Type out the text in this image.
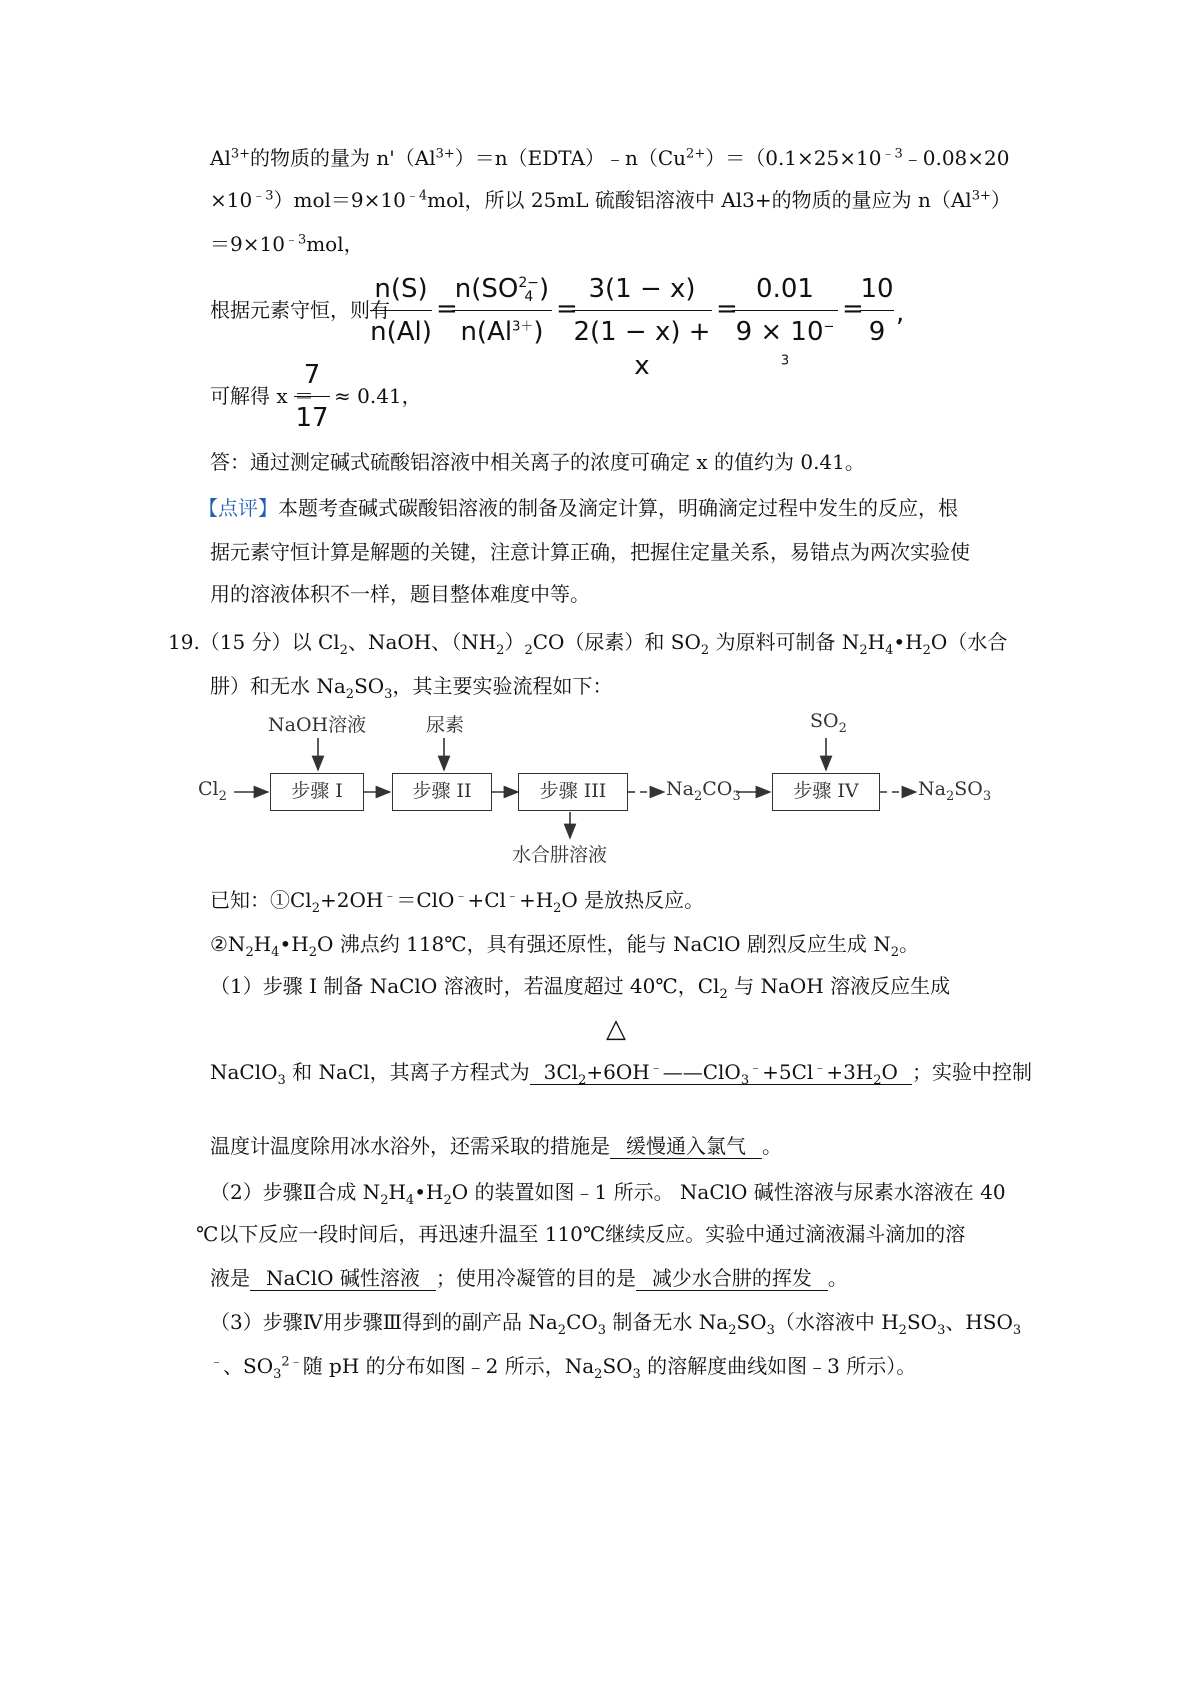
$Al^{3+}$的物质的量为 $n'(Al^{3+})=n(EDTA)﹣n(Cu^{2+})=(0.1\times 25\times 10^{﹣3}﹣0.08\times 20$
$\times 10^{﹣3})mol=9\times 10^{﹣4}mol$，所以 25mL 硫酸铝溶液中 Al3+的物质的量应为 $n(Al^{3+})$
$=9\times 10^{﹣3}mol$，
根据元素守恒，则有
n(S)
n(Al)
=
n(SO 2−
4 )
$n(Al^{3+})$
=
3(1 − x)
2(1 − x) + x
=
0.01
$9 \times 10^{- 3}$
=
10
9
,
可解得 x ＝
7
17
≈ 0.41，
答：通过测定碱式硫酸铝溶液中相关离子的浓度可确定 x 的值约为 0.41。
【点评】本题考查碱式碳酸铝溶液的制备及滴定计算，明确滴定过程中发生的反应，根
据元素守恒计算是解题的关键，注意计算正确，把握住定量关系，易错点为两次实验使
用的溶液体积不一样，题目整体难度中等。
19.（15 分）以 $Cl_2$、NaOH、$(NH_2)_2CO$（尿素）和 $SO_2$ 为原料可制备 $N_2H_4•H_2O$（水合
肼）和无水 $Na_2SO_3$，其主要实验流程如下：
NaOH溶液	尿素	$SO_2$
$Cl_2$	步骤 I	步骤 II	步骤 III	$Na_2CO_3$	步骤 IV	$Na_2SO_3$
水合肼溶液
已知：$①Cl_2+2OH^﹣=ClO^﹣+Cl^﹣+H_2O$ 是放热反应。
$②N_2H_4•H_2O$ 沸点约 118℃，具有强还原性，能与 NaClO 剧烈反应生成 $N_2$。
（1）步骤 I 制备 NaClO 溶液时，若温度超过 40℃，$Cl_2$ 与 NaOH 溶液反应生成
△
NaClO$_3$ 和 NaCl，其离子方程式为 $3Cl_2+6OH^﹣——ClO_3^﹣+5Cl^﹣+3H_2O$ ；实验中控制
温度计温度除用冰水浴外，还需采取的措施是 缓慢通入氯气 。
（2）步骤Ⅱ合成 $N_2H_4•H_2O$ 的装置如图﹣1 所示。 NaClO 碱性溶液与尿素水溶液在 40
℃以下反应一段时间后，再迅速升温至 110℃继续反应。实验中通过滴液漏斗滴加的溶
液是 NaClO 碱性溶液 ；使用冷凝管的目的是 减少水合肼的挥发 。
（3）步骤Ⅳ用步骤Ⅲ得到的副产品 $Na_2CO_3$ 制备无水 $Na_2SO_3$（水溶液中 $H_2SO_3$、$HSO_3$
﹣、$SO_3^{2﹣}$随 pH 的分布如图﹣2 所示，$Na_2SO_3$ 的溶解度曲线如图﹣3 所示）。
